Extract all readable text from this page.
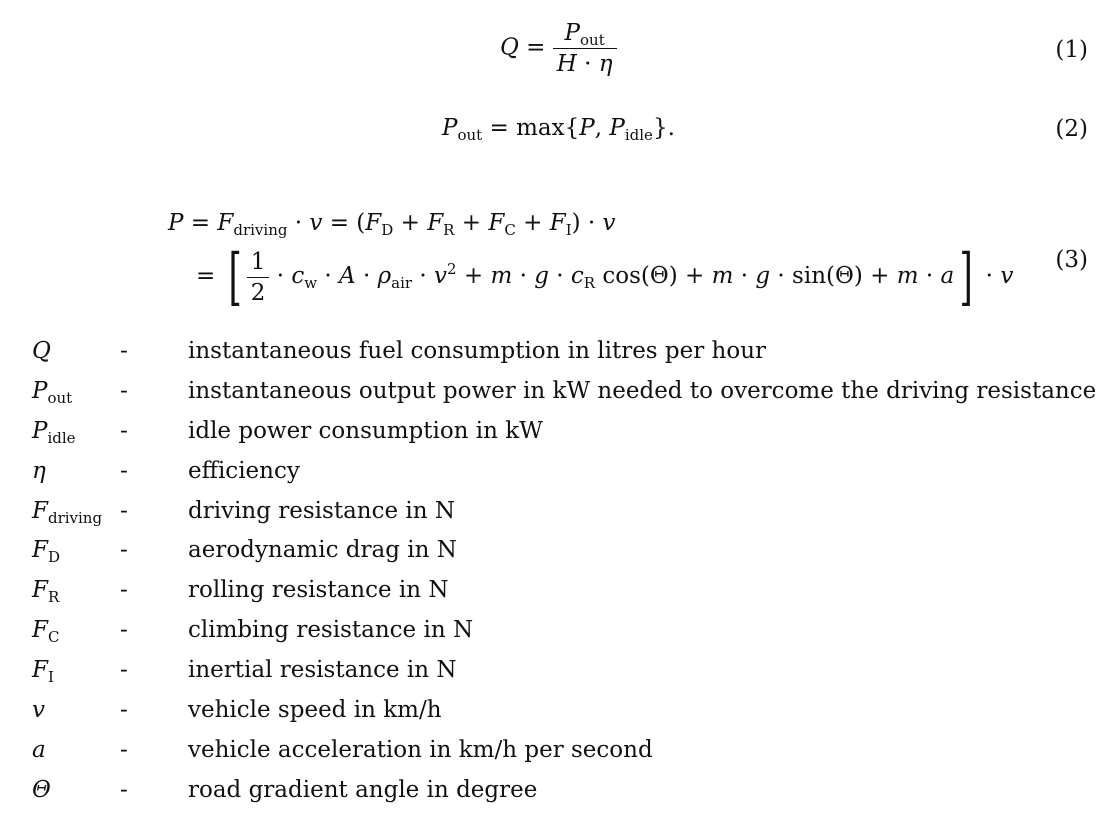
$Q = \frac{P_{out}}{H \cdot \eta}$	(1)
$P_{out} = \max\{P$, $P_{idle}$}.	(2)
$P = F_{driving} \cdot v = (F_D + F_R + F_C + F_I) \cdot v$
= [ $\frac{1}{2} \cdot c_w \cdot A \cdot \rho_{air} \cdot v^2 + m \cdot g \cdot c_R$ cos(Θ) + m · g · sin(Θ) + m · a] · v
(3)
Q	-	instantaneous fuel consumption in litres per hour
$P_{out}$ -	instantaneous output power in kW needed to overcome the driving resistance
$P_{idle}$ -	idle power consumption in kW
η	-	efficiency
$F_{driving}$ -	driving resistance in N
$F_D$	-	aerodynamic drag in N
$F_R$	-	rolling resistance in N
$F_C$	-	climbing resistance in N
$F_I$	-	inertial resistance in N
v	-	vehicle speed in km/h
a	-	vehicle acceleration in km/h per second
Θ	-	road gradient angle in degree
